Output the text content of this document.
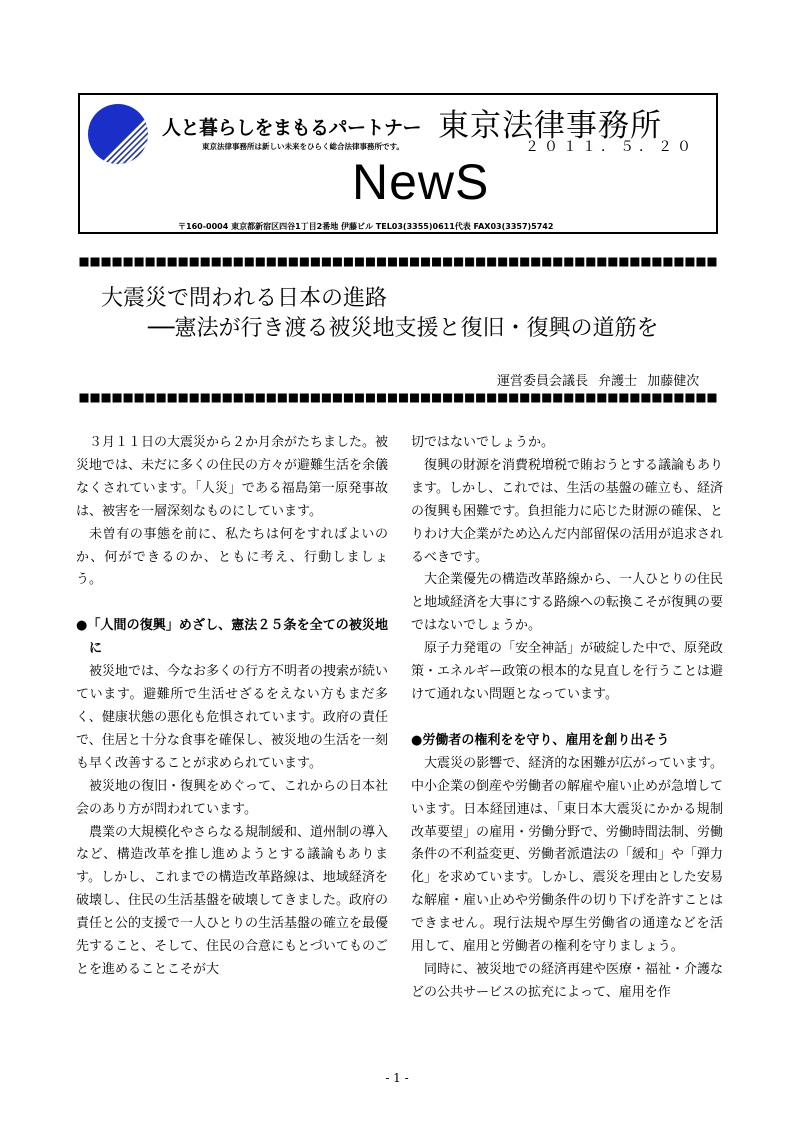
人と暮らしをまもるパートナー 東京法律事務所
東京法律事務所は新しい未来をひらく総合法律事務所です。	２０１１．５．２０
NewS
〒160-0004 東京都新宿区四谷1丁目2番地 伊藤ビル TEL03(3355)0611代表 FAX03(3357)5742
大震災で問われる日本の進路
──憲法が行き渡る被災地支援と復旧・復興の道筋を
運営委員会議長 弁護士 加藤健次

３月１１日の大震災から２か月余がたちました。被災地では、未だに多くの住民の方々が避難生活を余儀なくされています。「人災」である福島第一原発事故は、被害を一層深刻なものにしています。

未曽有の事態を前に、私たちは何をすればよいのか、何ができるのか、ともに考え、行動しましょう。

●「人間の復興」めざし、憲法２５条を全ての被災地に

被災地では、今なお多くの行方不明者の捜索が続いています。避難所で生活せざるをえない方もまだ多く、健康状態の悪化も危惧されています。政府の責任で、住居と十分な食事を確保し、被災地の生活を一刻も早く改善することが求められています。

被災地の復旧・復興をめぐって、これからの日本社会のあり方が問われています。

農業の大規模化やさらなる規制緩和、道州制の導入など、構造改革を推し進めようとする議論もあります。しかし、これまでの構造改革路線は、地域経済を破壊し、住民の生活基盤を破壊してきました。政府の責任と公的支援で一人ひとりの生活基盤の確立を最優先すること、そして、住民の合意にもとづいてものごとを進めることこそが大

切ではないでしょうか。

復興の財源を消費税増税で賄おうとする議論もあります。しかし、これでは、生活の基盤の確立も、経済の復興も困難です。負担能力に応じた財源の確保、とりわけ大企業がため込んだ内部留保の活用が追求されるべきです。

大企業優先の構造改革路線から、一人ひとりの住民と地域経済を大事にする路線への転換こそが復興の要ではないでしょうか。

原子力発電の「安全神話」が破綻した中で、原発政策・エネルギー政策の根本的な見直しを行うことは避けて通れない問題となっています。

●労働者の権利をを守り、雇用を創り出そう

大震災の影響で、経済的な困難が広がっています。中小企業の倒産や労働者の解雇や雇い止めが急増しています。日本経団連は、「東日本大震災にかかる規制改革要望」の雇用・労働分野で、労働時間法制、労働条件の不利益変更、労働者派遣法の「緩和」や「弾力化」を求めています。しかし、震災を理由とした安易な解雇・雇い止めや労働条件の切り下げを許すことはできません。現行法規や厚生労働省の通達などを活用して、雇用と労働者の権利を守りましょう。

同時に、被災地での経済再建や医療・福祉・介護などの公共サービスの拡充によって、雇用を作

- 1 -
